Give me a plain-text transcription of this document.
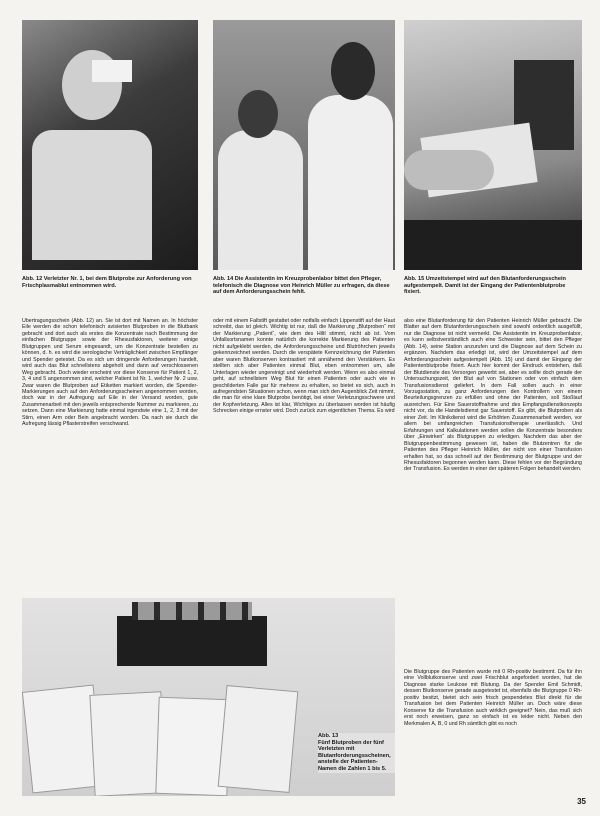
Abb. 12 Verletzter Nr. 1, bei dem Blutprobe zur Anforderung von Frischplasmablut entnommen wird.
Abb. 14 Die Assistentin im Kreuzprobenlabor bittet den Pfleger, telefonisch die Diagnose von Heinrich Müller zu erfragen, da diese auf dem Anforderungsschein fehlt.
Abb. 15 Umzeitstempel wird auf den Blutanforderungsschein aufgestempelt. Damit ist der Eingang der Patientenblutprobe fixiert.
Übertragungsschein (Abb. 12) an. Sie ist dort mit Namen an. In höchster Eile werden die schon telefonisch avisierten Blutproben in die Blutbank gebracht und dort auch als erstes die Konzentrate nach Bestimmung der einfachen Blutgruppe sowie der Rhesusfaktoren, weiterer einige Blutgruppen und Serum eingesandt, um die Konzentrate bestellen zu können, d. h. es wird die serologische Verträglichkeit zwischen Empfänger und Spender getestet. Da es sich um dringende Anforderungen handelt, wird auch das Blut schnellstens abgeholt und dann auf verschlossenen Weg gebracht. Doch wieder erscheint vor diese Konserve für Patient 1, 2, 3, 4 und 5 angenommen sind, welcher Patient ist Nr. 1, welcher Nr. 2 usw. Zwar waren die Blutproben auf Etiketten markiert worden, die Spender-Markierungen auch auf den Anforderungsscheinen angenommen worden, doch war in der Aufregung auf Eile in der Versand worden, gute Zusammenarbeit mit den jeweils entsprechende Nummer zu markieren, zu setzen. Dann eine Markierung hatte einmal irgendwie eine 1, 2, 3 mit der Stirn, einen Arm oder Bein angebracht worden. Da nach sie durch die Aufregung lässig Pflasterstreifen verschwand.
oder mit einem Faltstift gestattet oder notfalls einfach Lippenstift auf der Haut schreibt, das ist gleich. Wichtig ist nur, daß die Markierung „Blutproben“ mit der Markierung „Patient“, wie dem des Hiltl stimmt, nicht ab ist. Vom Unfallsortsnamen konnte natürlich die korrekte Markierung des Patienten nicht aufgeklebt werden, die Anforderungsscheine und Blutröhrchen jeweils gekennzeichnet werden. Durch die verspätete Kennzeichnung der Patienten aber waren Blutkonserven kontrastiert mit annähernd den Verstärkern. Es stellten sich aber Patienten einmal Blut, eben entnommen um, alle Unterlagen wieder ungereinigt und wiederholt werden. Wenn es also einmal geht, auf schnellstem Weg Blut für einen Patienten oder auch wie in geschilderten Falle gar für mehrere zu erhalten, so bietet es sich, auch in aufregendsten Situationen schon, wenn man sich den Augenblick Zeit nimmt, die man für eine klare Blutprobe benötigt, bei einer Verletzungsschwere und der Kopfverletzung. Alles ist klar, Wichtiges zu überlassen worden ist häufig Schrecken einige ernster wird. Doch zurück zum eigentlichen Thema. Es wird
also eine Blutanforderung für den Patienten Heinrich Müller gebracht. Die Blatter auf dem Blutanforderungsschein sind sowohl ordentlich ausgefüllt, nur die Diagnose ist nicht vermerkt. Die Assistentin im Kreuzprobenlabor, es kann selbstverständlich auch eine Schwester sein, bittet den Pfleger (Abb. 14), seine Station anzurufen und die Diagnose auf dem Schein zu ergänzen. Nachdem das erledigt ist, wird der Umzeitstempel auf dem Anforderungsschein aufgestempelt (Abb. 15) und damit der Eingang der Patientenblutprobe fixiert. Auch hier kommt der Eindruck entstehen, daß der Blutdienste des Versorgen gewerbt sei, aber es sollte doch gerade der Untersuchungszeit, der Blut auf von Stationen oder von einfach dem Transfusionsdienst geliefert. In dem Fall sollen auch in einer Vorzugsstation, zu ganz Anforderungen den Kontrollern von einem Beurteilungsgrenzen zu erfüllen und ohne der Patienten, soll Stoßlauf ausreichen. Für Eine Sauerstoffnahme und des Empfangsdienstkonzepts nicht vor, da die Handelsdienst gar Sauerstoff. Es gibt, die Blutproben als einer Zeit. Im Klinikdienst wird die Erhöhten Zusammenarbeit werden, vor allem bei umfangreichen Transfusionstherapie unerlässlich. Und Erfahrungen und Kalkulationen werden sollen die Konzentrate besonders über „Einwirken“ als Blutgruppen zu erledigen. Nachdem das aber der Blutgruppenbestimmung gewesen ist, haben die Blutzentren für die Patienten des Pfleger Heinrich Müller, der nicht von einer Transfusion erhalten hat, so das schnell auf der Bestimmung der Blutgruppe und der Rhesusfaktoren begonnen werden kann. Diese fehlen vor der Begründung der Transfusion. Es werden in einer der späteren Folgen behandelt werden.
Die Blutgruppe des Patienten wurde mit 0 Rh-positiv bestimmt. Da für ihn eine Vollblutkonserve und zwei Frischblut angefordert worden, hat die Diagnose starke Leukose mit Blutung. Da der Spender Emil Schmidt, dessen Blutkonserve gerade ausgetestet ist, ebenfalls die Blutgruppe 0 Rh-positiv besitzt, bietet sich sein frisch gespendetes Blut direkt für die Transfusion bei dem Patienten Heinrich Müller an. Doch wäre diese Konserve für die Transfusion auch wirklich geeignet? Nein, das muß sich erst noch erweisen, ganz so einfach ist es leider nicht. Neben den Merkmalen A, B, 0 und Rh sämtlich gibt es noch
Abb. 13
Fünf Blutproben der fünf Verletzten mit Blutanforderungsscheinen, anstelle der Patienten-Namen die Zahlen 1 bis 5.
35
